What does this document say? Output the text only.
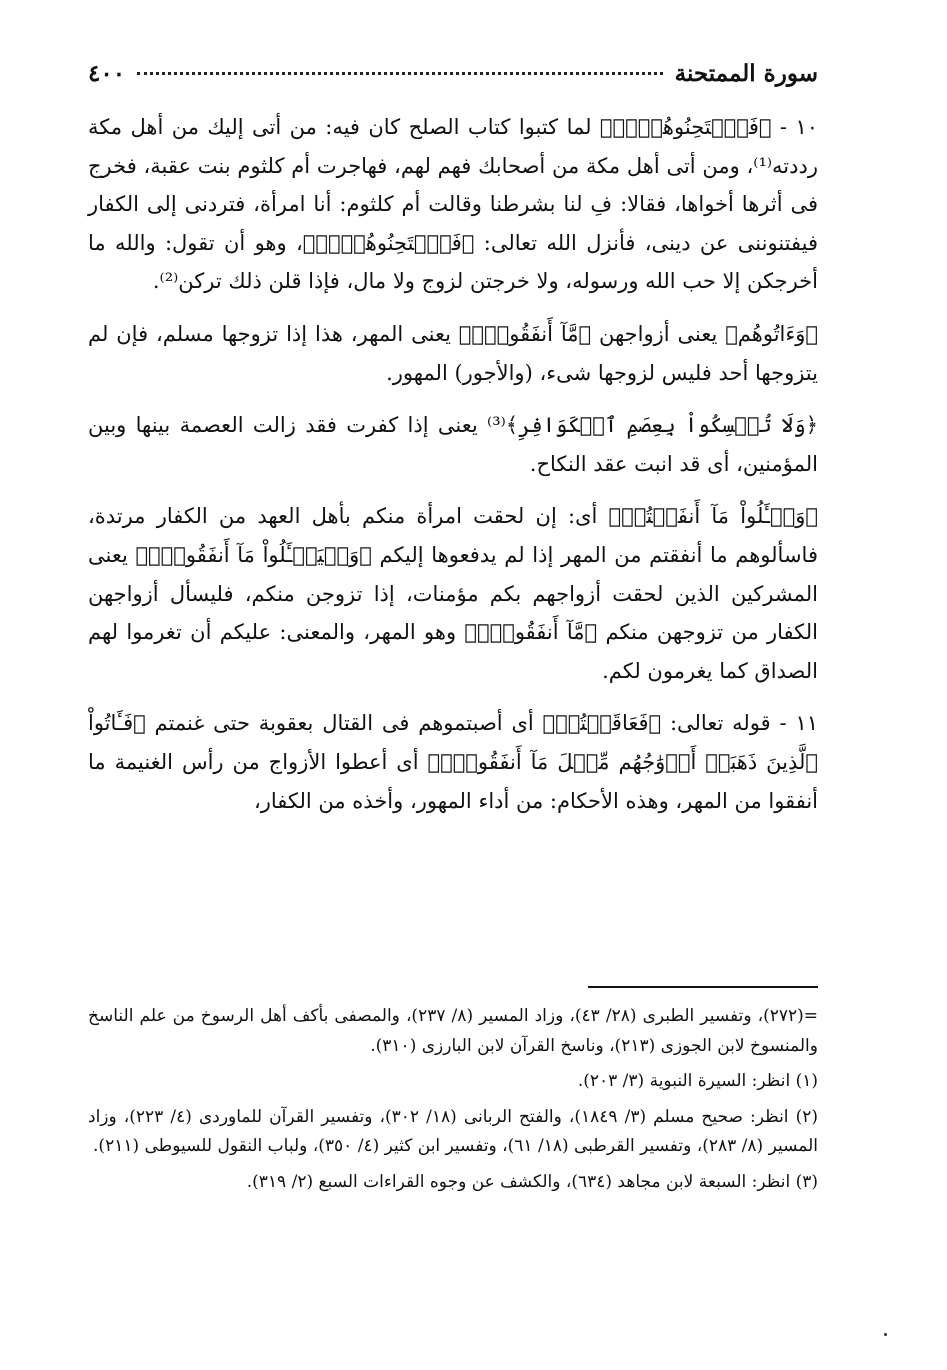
سورة الممتحنة
٤٠٠

١٠ - ﴿فَٱمۡتَحِنُوهُنَّۖ﴾ لما كتبوا كتاب الصلح كان فيه: من أتى إليك من أهل مكة رددته⁽¹⁾، ومن أتى أهل مكة من أصحابك فهم لهم، فهاجرت أم كلثوم بنت عقبة، فخرج فى أثرها أخواها، فقالا: فِ لنا بشرطنا وقالت أم كلثوم: أنا امرأة، فتردنى إلى الكفار فيفتنوننى عن دينى، فأنزل الله تعالى: ﴿فَٱمۡتَحِنُوهُنَّۖ﴾، وهو أن تقول: والله ما أخرجكن إلا حب الله ورسوله، ولا خرجتن لزوج ولا مال، فإذا قلن ذلك تركن⁽²⁾.

﴿وَءَاتُوهُم﴾ يعنى أزواجهن ﴿مَّآ أَنفَقُواْۚ﴾ يعنى المهر، هذا إذا تزوجها مسلم، فإن لم يتزوجها أحد فليس لزوجها شىء، (والأجور) المهور.

﴿وَلَا تُمۡسِكُواْ بِعِصَمِ ٱلۡكَوَافِرِ﴾⁽³⁾ يعنى إذا كفرت فقد زالت العصمة بينها وبين المؤمنين، أى قد انبت عقد النكاح.

﴿وَسۡـَٔلُواْ مَآ أَنفَقۡتُمۡ﴾ أى: إن لحقت امرأة منكم بأهل العهد من الكفار مرتدة، فاسألوهم ما أنفقتم من المهر إذا لم يدفعوها إليكم ﴿وَلۡيَسۡـَٔلُواْ مَآ أَنفَقُواْۚ﴾ يعنى المشركين الذين لحقت أزواجهم بكم مؤمنات، إذا تزوجن منكم، فليسأل أزواجهن الكفار من تزوجهن منكم ﴿مَّآ أَنفَقُواْۚ﴾ وهو المهر، والمعنى: عليكم أن تغرموا لهم الصداق كما يغرمون لكم.

١١ - قوله تعالى: ﴿فَعَاقَبۡتُمۡ﴾ أى أصبتموهم فى القتال بعقوبة حتى غنمتم ﴿فَـَٔاتُواْ ٱلَّذِينَ ذَهَبَتۡ أَزۡوَٰجُهُم مِّثۡلَ مَآ أَنفَقُواْۚ﴾ أى أعطوا الأزواج من رأس الغنيمة ما أنفقوا من المهر، وهذه الأحكام: من أداء المهور، وأخذه من الكفار،

=(٢٧٢)، وتفسير الطبرى (٢٨/ ٤٣)، وزاد المسير (٨/ ٢٣٧)، والمصفى بأكف أهل الرسوخ من علم الناسخ والمنسوخ لابن الجوزى (٢١٣)، وناسخ القرآن لابن البارزى (٣١٠).

(١) انظر: السيرة النبوية (٣/ ٢٠٣).

(٢) انظر: صحيح مسلم (٣/ ١٨٤٩)، والفتح الربانى (١٨/ ٣٠٢)، وتفسير القرآن للماوردى (٤/ ٢٢٣)، وزاد المسير (٨/ ٢٨٣)، وتفسير القرطبى (١٨/ ٦١)، وتفسير ابن كثير (٤/ ٣٥٠)، ولباب النقول للسيوطى (٢١١).

(٣) انظر: السبعة لابن مجاهد (٦٣٤)، والكشف عن وجوه القراءات السبع (٢/ ٣١٩).
